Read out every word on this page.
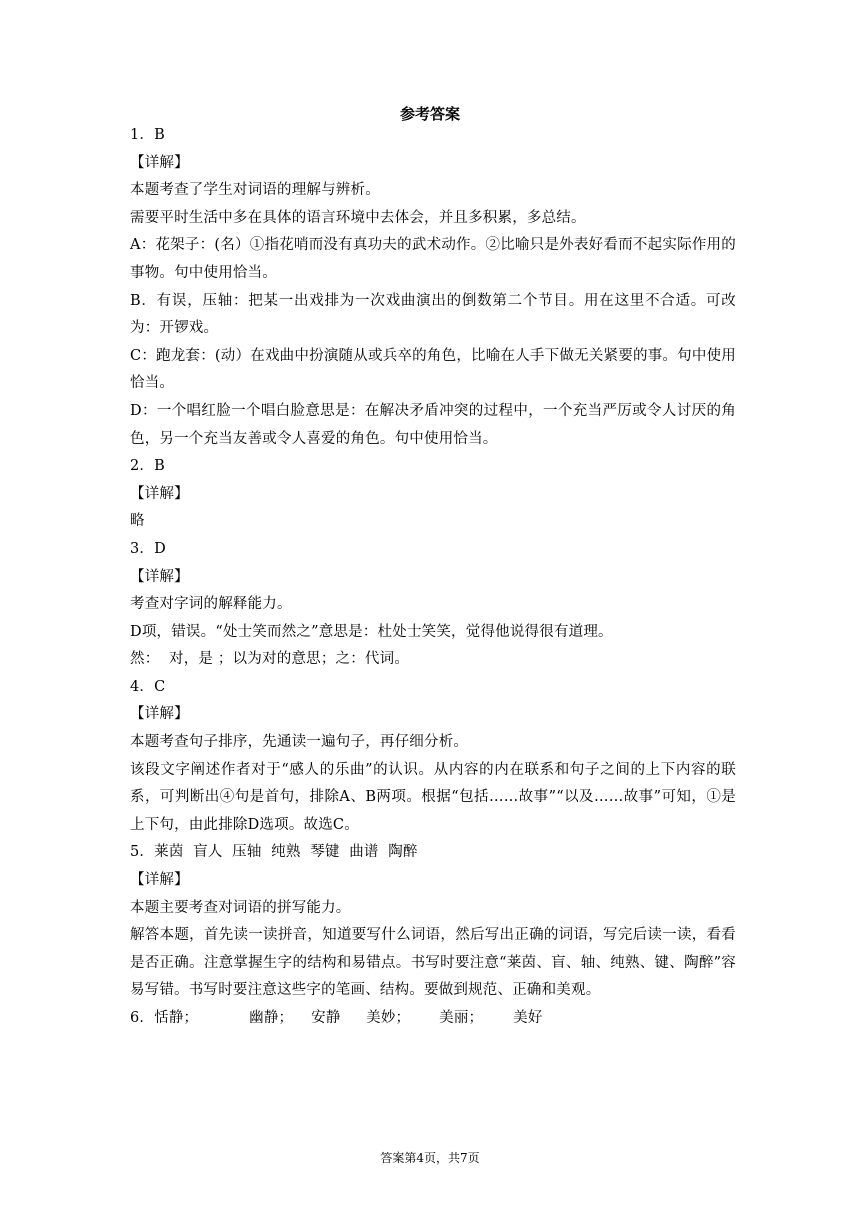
参考答案

1．B

【详解】

本题考查了学生对词语的理解与辨析。

需要平时生活中多在具体的语言环境中去体会，并且多积累，多总结。

A：花架子：(名）①指花哨而没有真功夫的武术动作。②比喻只是外表好看而不起实际作用的事物。句中使用恰当。

B．有误，压轴：把某一出戏排为一次戏曲演出的倒数第二个节目。用在这里不合适。可改为：开锣戏。

C：跑龙套：(动）在戏曲中扮演随从或兵卒的角色，比喻在人手下做无关紧要的事。句中使用恰当。

D：一个唱红脸一个唱白脸意思是：在解决矛盾冲突的过程中，一个充当严厉或令人讨厌的角色，另一个充当友善或令人喜爱的角色。句中使用恰当。

2．B

【详解】

略

3．D

【详解】

考查对字词的解释能力。

D项，错误。“处士笑而然之”意思是：杜处士笑笑，觉得他说得很有道理。

然：  对，是 ；以为对的意思；之：代词。

4．C

【详解】

本题考查句子排序，先通读一遍句子，再仔细分析。

该段文字阐述作者对于“感人的乐曲”的认识。从内容的内在联系和句子之间的上下内容的联系，可判断出④句是首句，排除A、B两项。根据“包括……故事”“以及……故事”可知，①是上下句，由此排除D选项。故选C。

5．莱茵  盲人  压轴  纯熟  琴键  曲谱  陶醉

【详解】

本题主要考查对词语的拼写能力。

解答本题，首先读一读拼音，知道要写什么词语，然后写出正确的词语，写完后读一读，看看是否正确。注意掌握生字的结构和易错点。书写时要注意“莱茵、盲、轴、纯熟、键、陶醉”容易写错。书写时要注意这些字的笔画、结构。要做到规范、正确和美观。

6． 恬静；	幽静；	安静	美妙；	美丽；	美好

答案第4页，共7页
